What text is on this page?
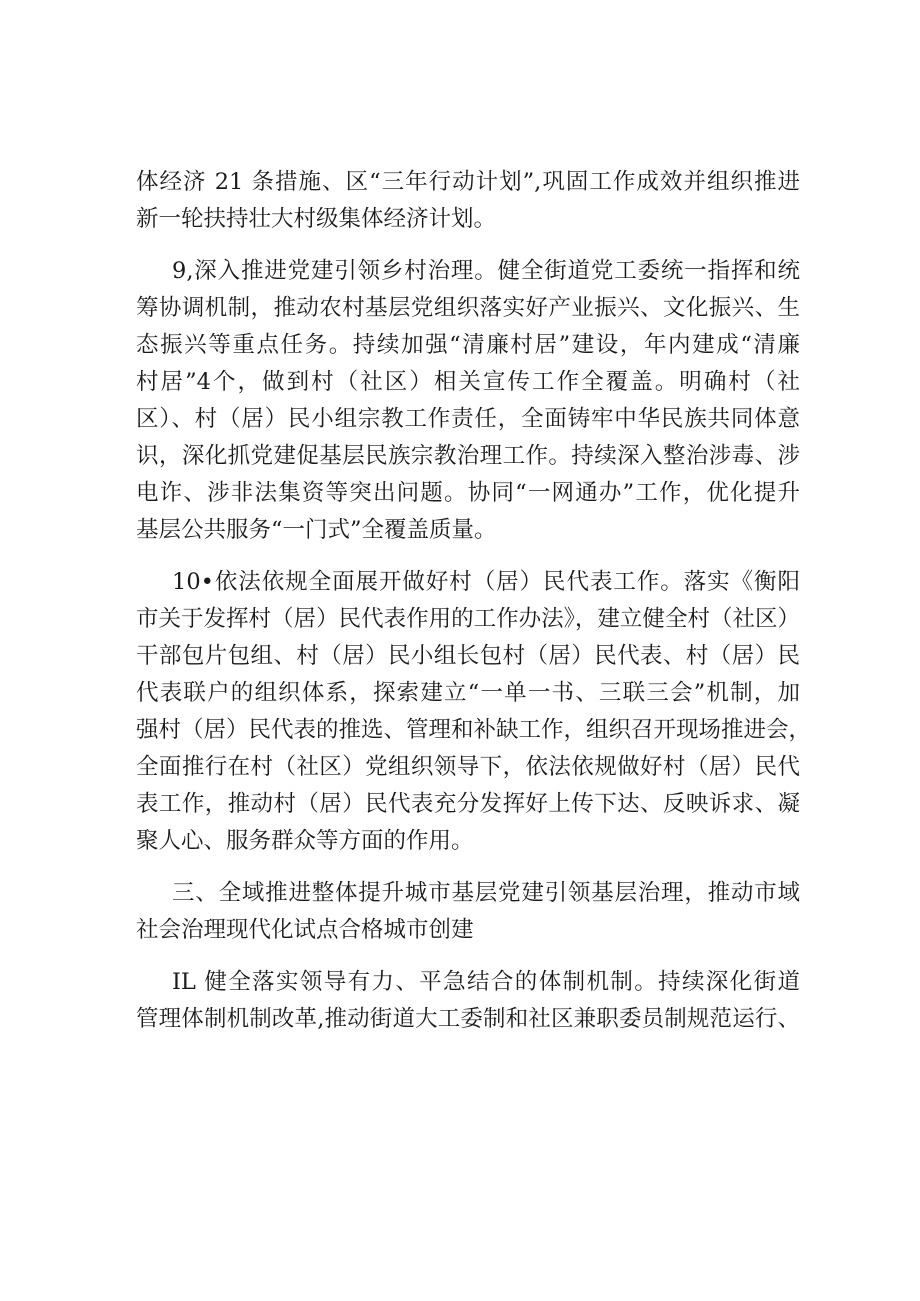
体经济 21 条措施、区“三年行动计划”,巩固工作成效并组织推进
新一轮扶持壮大村级集体经济计划。
9,深入推进党建引领乡村治理。健全街道党工委统一指挥和统
筹协调机制，推动农村基层党组织落实好产业振兴、文化振兴、生
态振兴等重点任务。持续加强“清廉村居”建设，年内建成“清廉
村居”4个，做到村（社区）相关宣传工作全覆盖。明确村（社
区）、村（居）民小组宗教工作责任，全面铸牢中华民族共同体意
识，深化抓党建促基层民族宗教治理工作。持续深入整治涉毒、涉
电诈、涉非法集资等突出问题。协同“一网通办”工作，优化提升
基层公共服务“一门式”全覆盖质量。
10•依法依规全面展开做好村（居）民代表工作。落实《衡阳
市关于发挥村（居）民代表作用的工作办法》，建立健全村（社区）
干部包片包组、村（居）民小组长包村（居）民代表、村（居）民
代表联户的组织体系，探索建立“一单一书、三联三会”机制，加
强村（居）民代表的推选、管理和补缺工作，组织召开现场推进会，
全面推行在村（社区）党组织领导下，依法依规做好村（居）民代
表工作，推动村（居）民代表充分发挥好上传下达、反映诉求、凝
聚人心、服务群众等方面的作用。
三、全域推进整体提升城市基层党建引领基层治理，推动市域
社会治理现代化试点合格城市创建
IL 健全落实领导有力、平急结合的体制机制。持续深化街道
管理体制机制改革,推动街道大工委制和社区兼职委员制规范运行、
